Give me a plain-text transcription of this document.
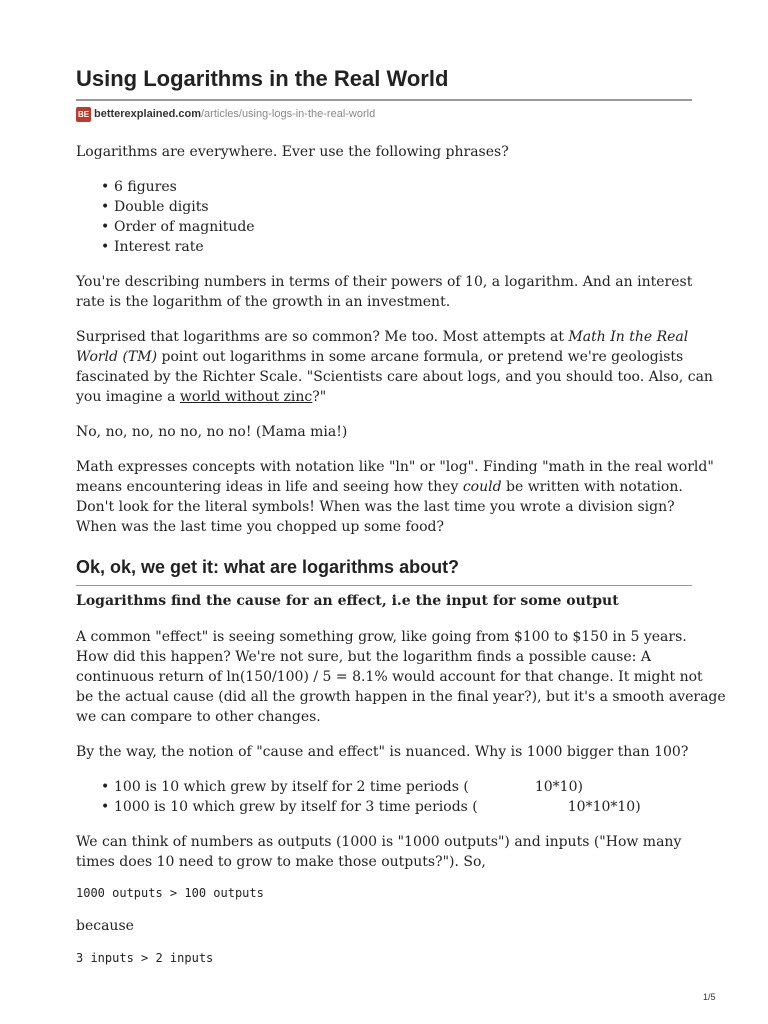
Using Logarithms in the Real World
BE betterexplained.com /articles/using-logs-in-the-real-world

Logarithms are everywhere. Ever use the following phrases?

• 6 figures
• Double digits
• Order of magnitude
• Interest rate

You're describing numbers in terms of their powers of 10, a logarithm. And an interest
rate is the logarithm of the growth in an investment.

Surprised that logarithms are so common? Me too. Most attempts at Math In the Real
World (TM) point out logarithms in some arcane formula, or pretend we're geologists
fascinated by the Richter Scale. "Scientists care about logs, and you should too. Also, can
you imagine a world without zinc?"

No, no, no, no no, no no! (Mama mia!)

Math expresses concepts with notation like "ln" or "log". Finding "math in the real world"
means encountering ideas in life and seeing how they could be written with notation.
Don't look for the literal symbols! When was the last time you wrote a division sign?
When was the last time you chopped up some food?

Ok, ok, we get it: what are logarithms about?

Logarithms find the cause for an effect, i.e the input for some output

A common "effect" is seeing something grow, like going from $100 to $150 in 5 years.
How did this happen? We're not sure, but the logarithm finds a possible cause: A
continuous return of ln(150/100) / 5 = 8.1% would account for that change. It might not
be the actual cause (did all the growth happen in the final year?), but it's a smooth average
we can compare to other changes.

By the way, the notion of "cause and effect" is nuanced. Why is 1000 bigger than 100?

• 100 is 10 which grew by itself for 2 time periods (	10*10)
• 1000 is 10 which grew by itself for 3 time periods (	10*10*10)

We can think of numbers as outputs (1000 is "1000 outputs") and inputs ("How many
times does 10 need to grow to make those outputs?"). So,

1000 outputs > 100 outputs

because

3 inputs > 2 inputs

1/5
